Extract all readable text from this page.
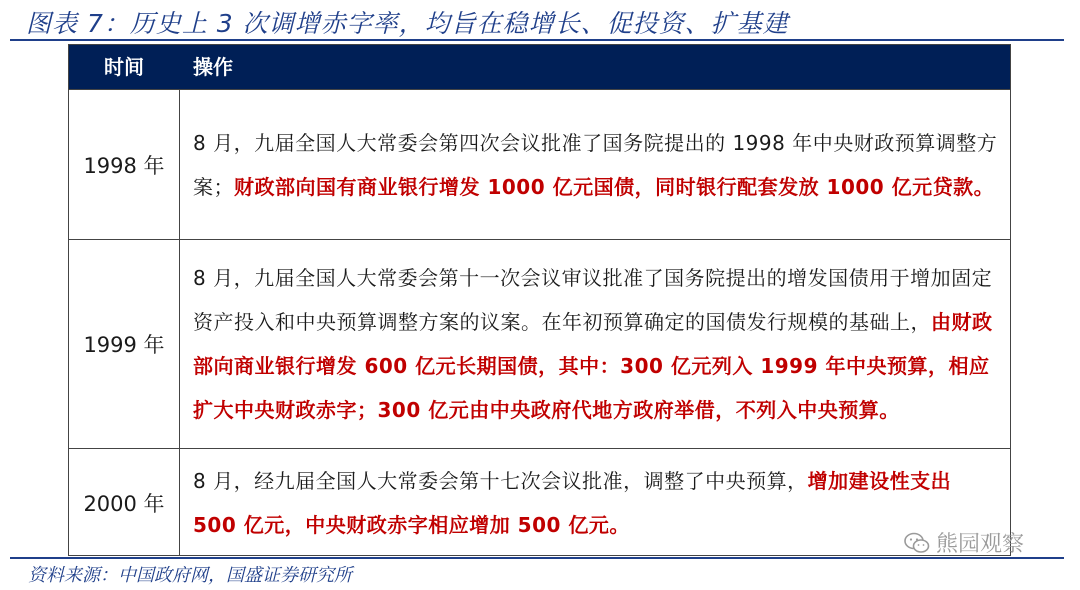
图表 7：历史上 3 次调增赤字率，均旨在稳增长、促投资、扩基建
时间	操作
1998 年

8 月，九届全国人大常委会第四次会议批准了国务院提出的 1998 年中央财政预算调整方案；财政部向国有商业银行增发 1000 亿元国债，同时银行配套发放 1000 亿元贷款。

1999 年

8 月，九届全国人大常委会第十一次会议审议批准了国务院提出的增发国债用于增加固定资产投入和中央预算调整方案的议案。在年初预算确定的国债发行规模的基础上，由财政部向商业银行增发 600 亿元长期国债，其中：300 亿元列入 1999 年中央预算，相应扩大中央财政赤字；300 亿元由中央政府代地方政府举借，不列入中央预算。

2000 年

8 月，经九届全国人大常委会第十七次会议批准，调整了中央预算，增加建设性支出 500 亿元，中央财政赤字相应增加 500 亿元。

资料来源：中国政府网，国盛证券研究所
熊园观察
